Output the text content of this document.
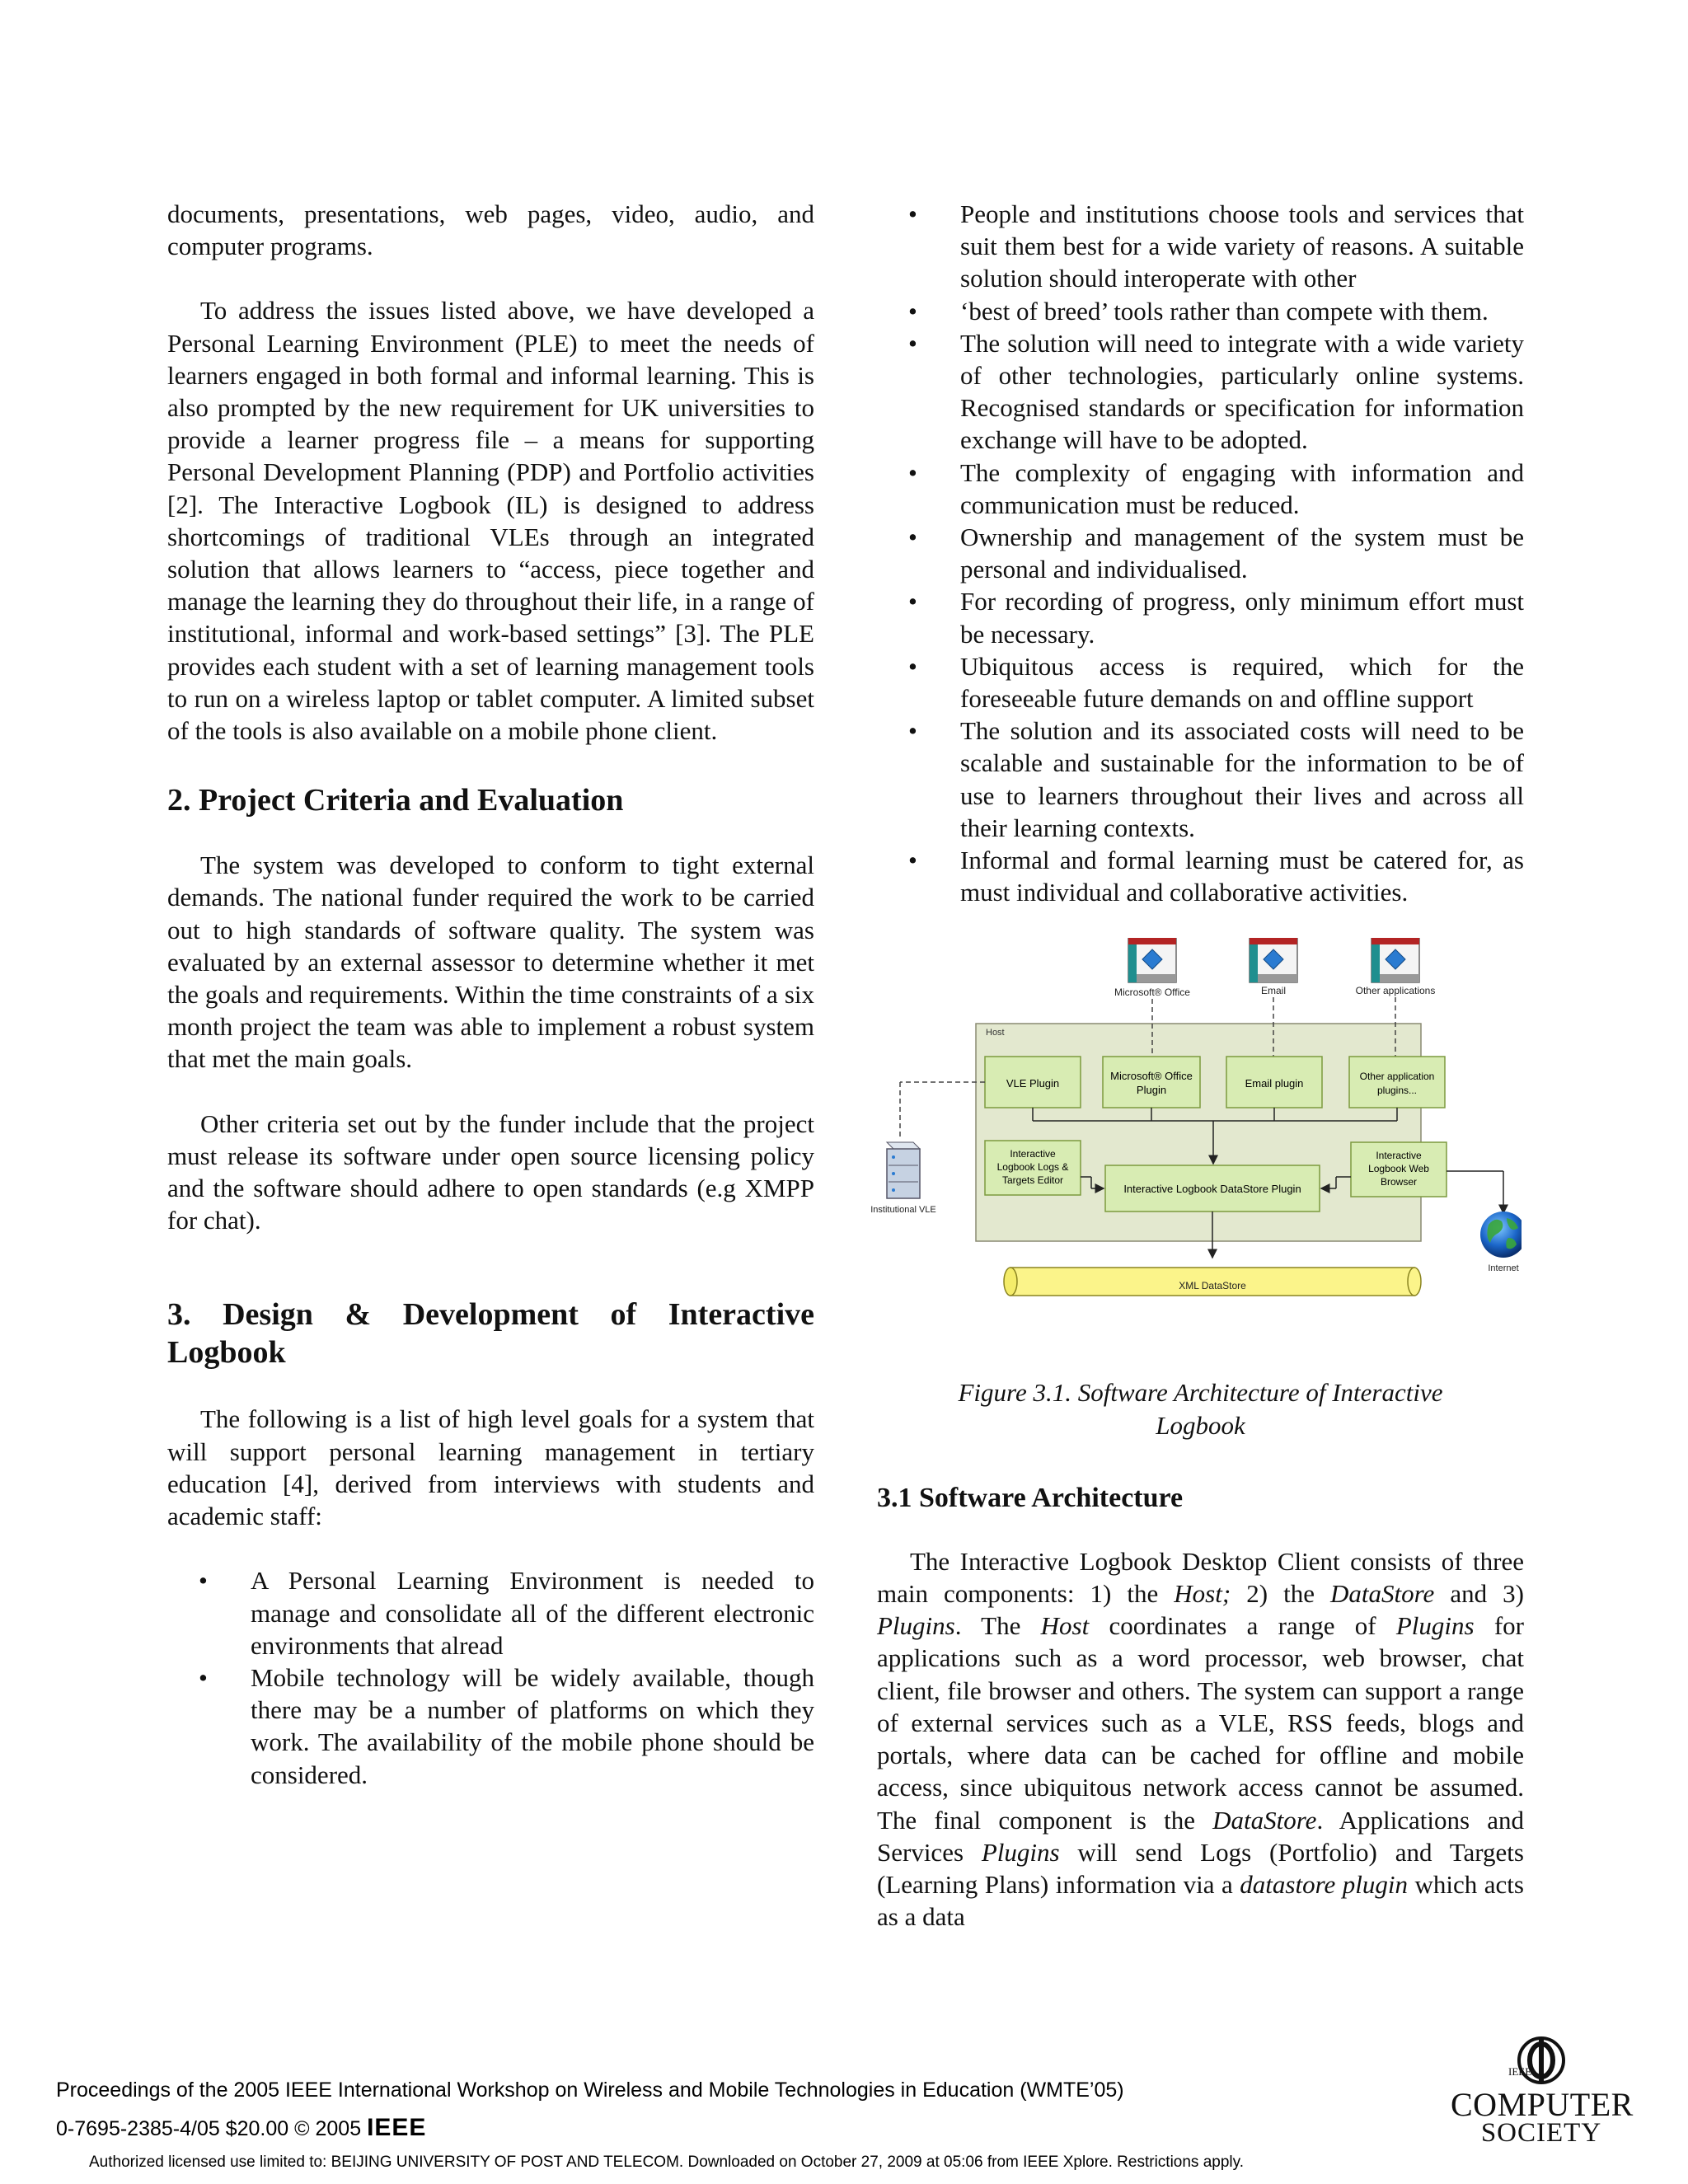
documents, presentations, web pages, video, audio, and computer programs.

To address the issues listed above, we have developed a Personal Learning Environment (PLE) to meet the needs of learners engaged in both formal and informal learning. This is also prompted by the new requirement for UK universities to provide a learner progress file – a means for supporting Personal Development Planning (PDP) and Portfolio activities [2]. The Interactive Logbook (IL) is designed to address shortcomings of traditional VLEs through an integrated solution that allows learners to “access, piece together and manage the learning they do throughout their life, in a range of institutional, informal and work-based settings” [3]. The PLE provides each student with a set of learning management tools to run on a wireless laptop or tablet computer. A limited subset of the tools is also available on a mobile phone client.

2. Project Criteria and Evaluation

The system was developed to conform to tight external demands. The national funder required the work to be carried out to high standards of software quality. The system was evaluated by an external assessor to determine whether it met the goals and requirements. Within the time constraints of a six month project the team was able to implement a robust system that met the main goals.

Other criteria set out by the funder include that the project must release its software under open source licensing policy and the software should adhere to open standards (e.g XMPP for chat).

3. Design & Development of Interactive
Logbook

The following is a list of high level goals for a system that will support personal learning management in tertiary education [4], derived from interviews with students and academic staff:

• A Personal Learning Environment is needed to manage and consolidate all of the different electronic environments that alread
• Mobile technology will be widely available, though there may be a number of platforms on which they work. The availability of the mobile phone should be considered.
• People and institutions choose tools and services that suit them best for a wide variety of reasons. A suitable solution should interoperate with other
• ‘best of breed’ tools rather than compete with them.
• The solution will need to integrate with a wide variety of other technologies, particularly online systems. Recognised standards or specification for information exchange will have to be adopted.
• The complexity of engaging with information and communication must be reduced.
• Ownership and management of the system must be personal and individualised.
• For recording of progress, only minimum effort must be necessary.
• Ubiquitous access is required, which for the foreseeable future demands on and offline support
• The solution and its associated costs will need to be scalable and sustainable for the information to be of use to learners throughout their lives and across all their learning contexts.
• Informal and formal learning must be catered for, as must individual and collaborative activities.
Microsoft® Office	Email	Other applications
Host
VLE Plugin
Microsoft® Office
Plugin
Email plugin
Other application
plugins...
Interactive
Logbook Logs &
Targets Editor
Interactive Logbook DataStore Plugin
Interactive
Logbook Web
Browser
Institutional VLE
Internet
XML DataStore
Figure 3.1. Software Architecture of Interactive
Logbook
3.1 Software Architecture

The Interactive Logbook Desktop Client consists of three main components: 1) the Host; 2) the DataStore and 3) Plugins. The Host coordinates a range of Plugins for applications such as a word processor, web browser, chat client, file browser and others. The system can support a range of external services such as a VLE, RSS feeds, blogs and portals, where data can be cached for offline and mobile access, since ubiquitous network access cannot be assumed. The final component is the DataStore. Applications and Services Plugins will send Logs (Portfolio) and Targets (Learning Plans) information via a datastore plugin which acts as a data

Proceedings of the 2005 IEEE International Workshop on Wireless and Mobile Technologies in Education (WMTE’05)
0-7695-2385-4/05 $20.00 © 2005 IEEE
Authorized licensed use limited to: BEIJING UNIVERSITY OF POST AND TELECOM. Downloaded on October 27, 2009 at 05:06 from IEEE Xplore. Restrictions apply.
IEEE
COMPUTER
SOCIETY
